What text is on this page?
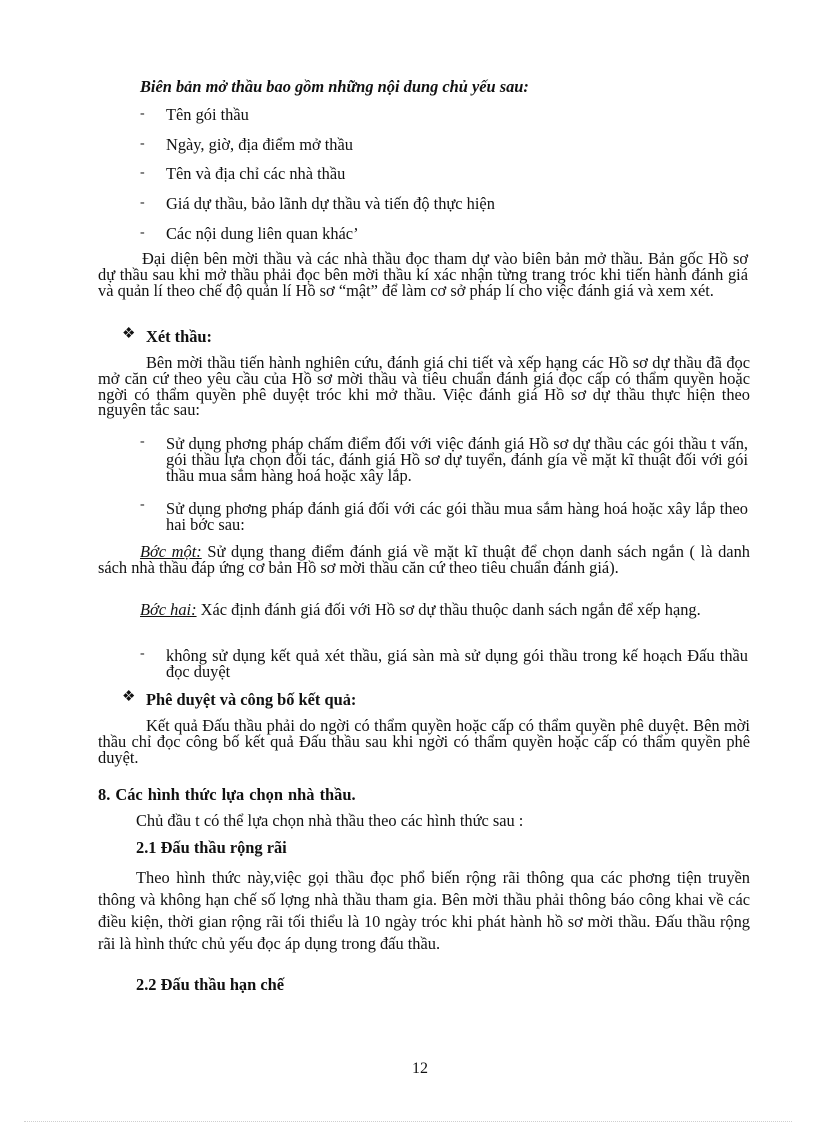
Biên bản mở thầu bao gồm những nội dung chủ yếu sau:
- Tên gói thầu
- Ngày, giờ, địa điểm mở thầu
- Tên và địa chỉ các nhà thầu
- Giá dự thầu, bảo lãnh dự thầu và tiến độ thực hiện
- Các nội dung liên quan khác’
Đại diện bên mời thầu và các nhà thầu đọc tham dự vào biên bản mở thầu. Bản gốc Hồ sơ dự thầu sau khi mở thầu phải đọc bên mời thầu kí xác nhận từng trang tróc khi tiến hành đánh giá và quản lí theo chế độ quản lí Hồ sơ “mật” để làm cơ sở pháp lí cho việc đánh giá và xem xét.
❖ Xét thầu:
Bên mời thầu tiến hành nghiên cứu, đánh giá chi tiết và xếp hạng các Hồ sơ dự thầu đã đọc mở căn cứ theo yêu cầu của Hồ sơ mời thầu và tiêu chuẩn đánh giá đọc cấp có thẩm quyền hoặc ngời có thẩm quyền phê duyệt tróc khi mở thầu. Việc đánh giá Hồ sơ dự thầu thực hiện theo nguyên tắc sau:
- Sử dụng phơng pháp chấm điểm đối với việc đánh giá Hồ sơ dự thầu các gói thầu t vấn, gói thầu lựa chọn đối tác, đánh giá Hồ sơ dự tuyển, đánh gía về mặt kĩ thuật đối với gói thầu mua sắm hàng hoá hoặc xây lắp.
- Sử dụng phơng pháp đánh giá đối với các gói thầu mua sắm hàng hoá hoặc xây lắp theo hai bớc sau:
Bớc một: Sử dụng thang điểm đánh giá về mặt kĩ thuật để chọn danh sách ngắn ( là danh sách nhà thầu đáp ứng cơ bản Hồ sơ mời thầu căn cứ theo tiêu chuẩn đánh giá).
Bớc hai: Xác định đánh giá đối với Hồ sơ dự thầu thuộc danh sách ngắn để xếp hạng.
- không sử dụng kết quả xét thầu, giá sàn mà sử dụng gói thầu trong kế hoạch Đấu thầu đọc duyệt
❖ Phê duyệt và công bố kết quả:
Kết quả Đấu thầu phải do ngời có thẩm quyền hoặc cấp có thẩm quyền phê duyệt. Bên mời thầu chỉ đọc công bố kết quả Đấu thầu sau khi ngời có thẩm quyền hoặc cấp có thẩm quyền phê duyệt.
8. Các hình thức lựa chọn nhà thầu.
Chủ đầu t có thể lựa chọn nhà thầu theo các hình thức sau :
2.1 Đấu thầu rộng rãi
Theo hình thức này,việc gọi thầu đọc phổ biến rộng rãi thông qua các phơng tiện truyền thông và không hạn chế số lợng nhà thầu tham gia. Bên mời thầu phải thông báo công khai về các điều kiện, thời gian rộng rãi tối thiểu là 10 ngày tróc khi phát hành hồ sơ mời thầu. Đấu thầu rộng rãi là hình thức chủ yếu đọc áp dụng trong đấu thầu.
2.2 Đấu thầu hạn chế
12
